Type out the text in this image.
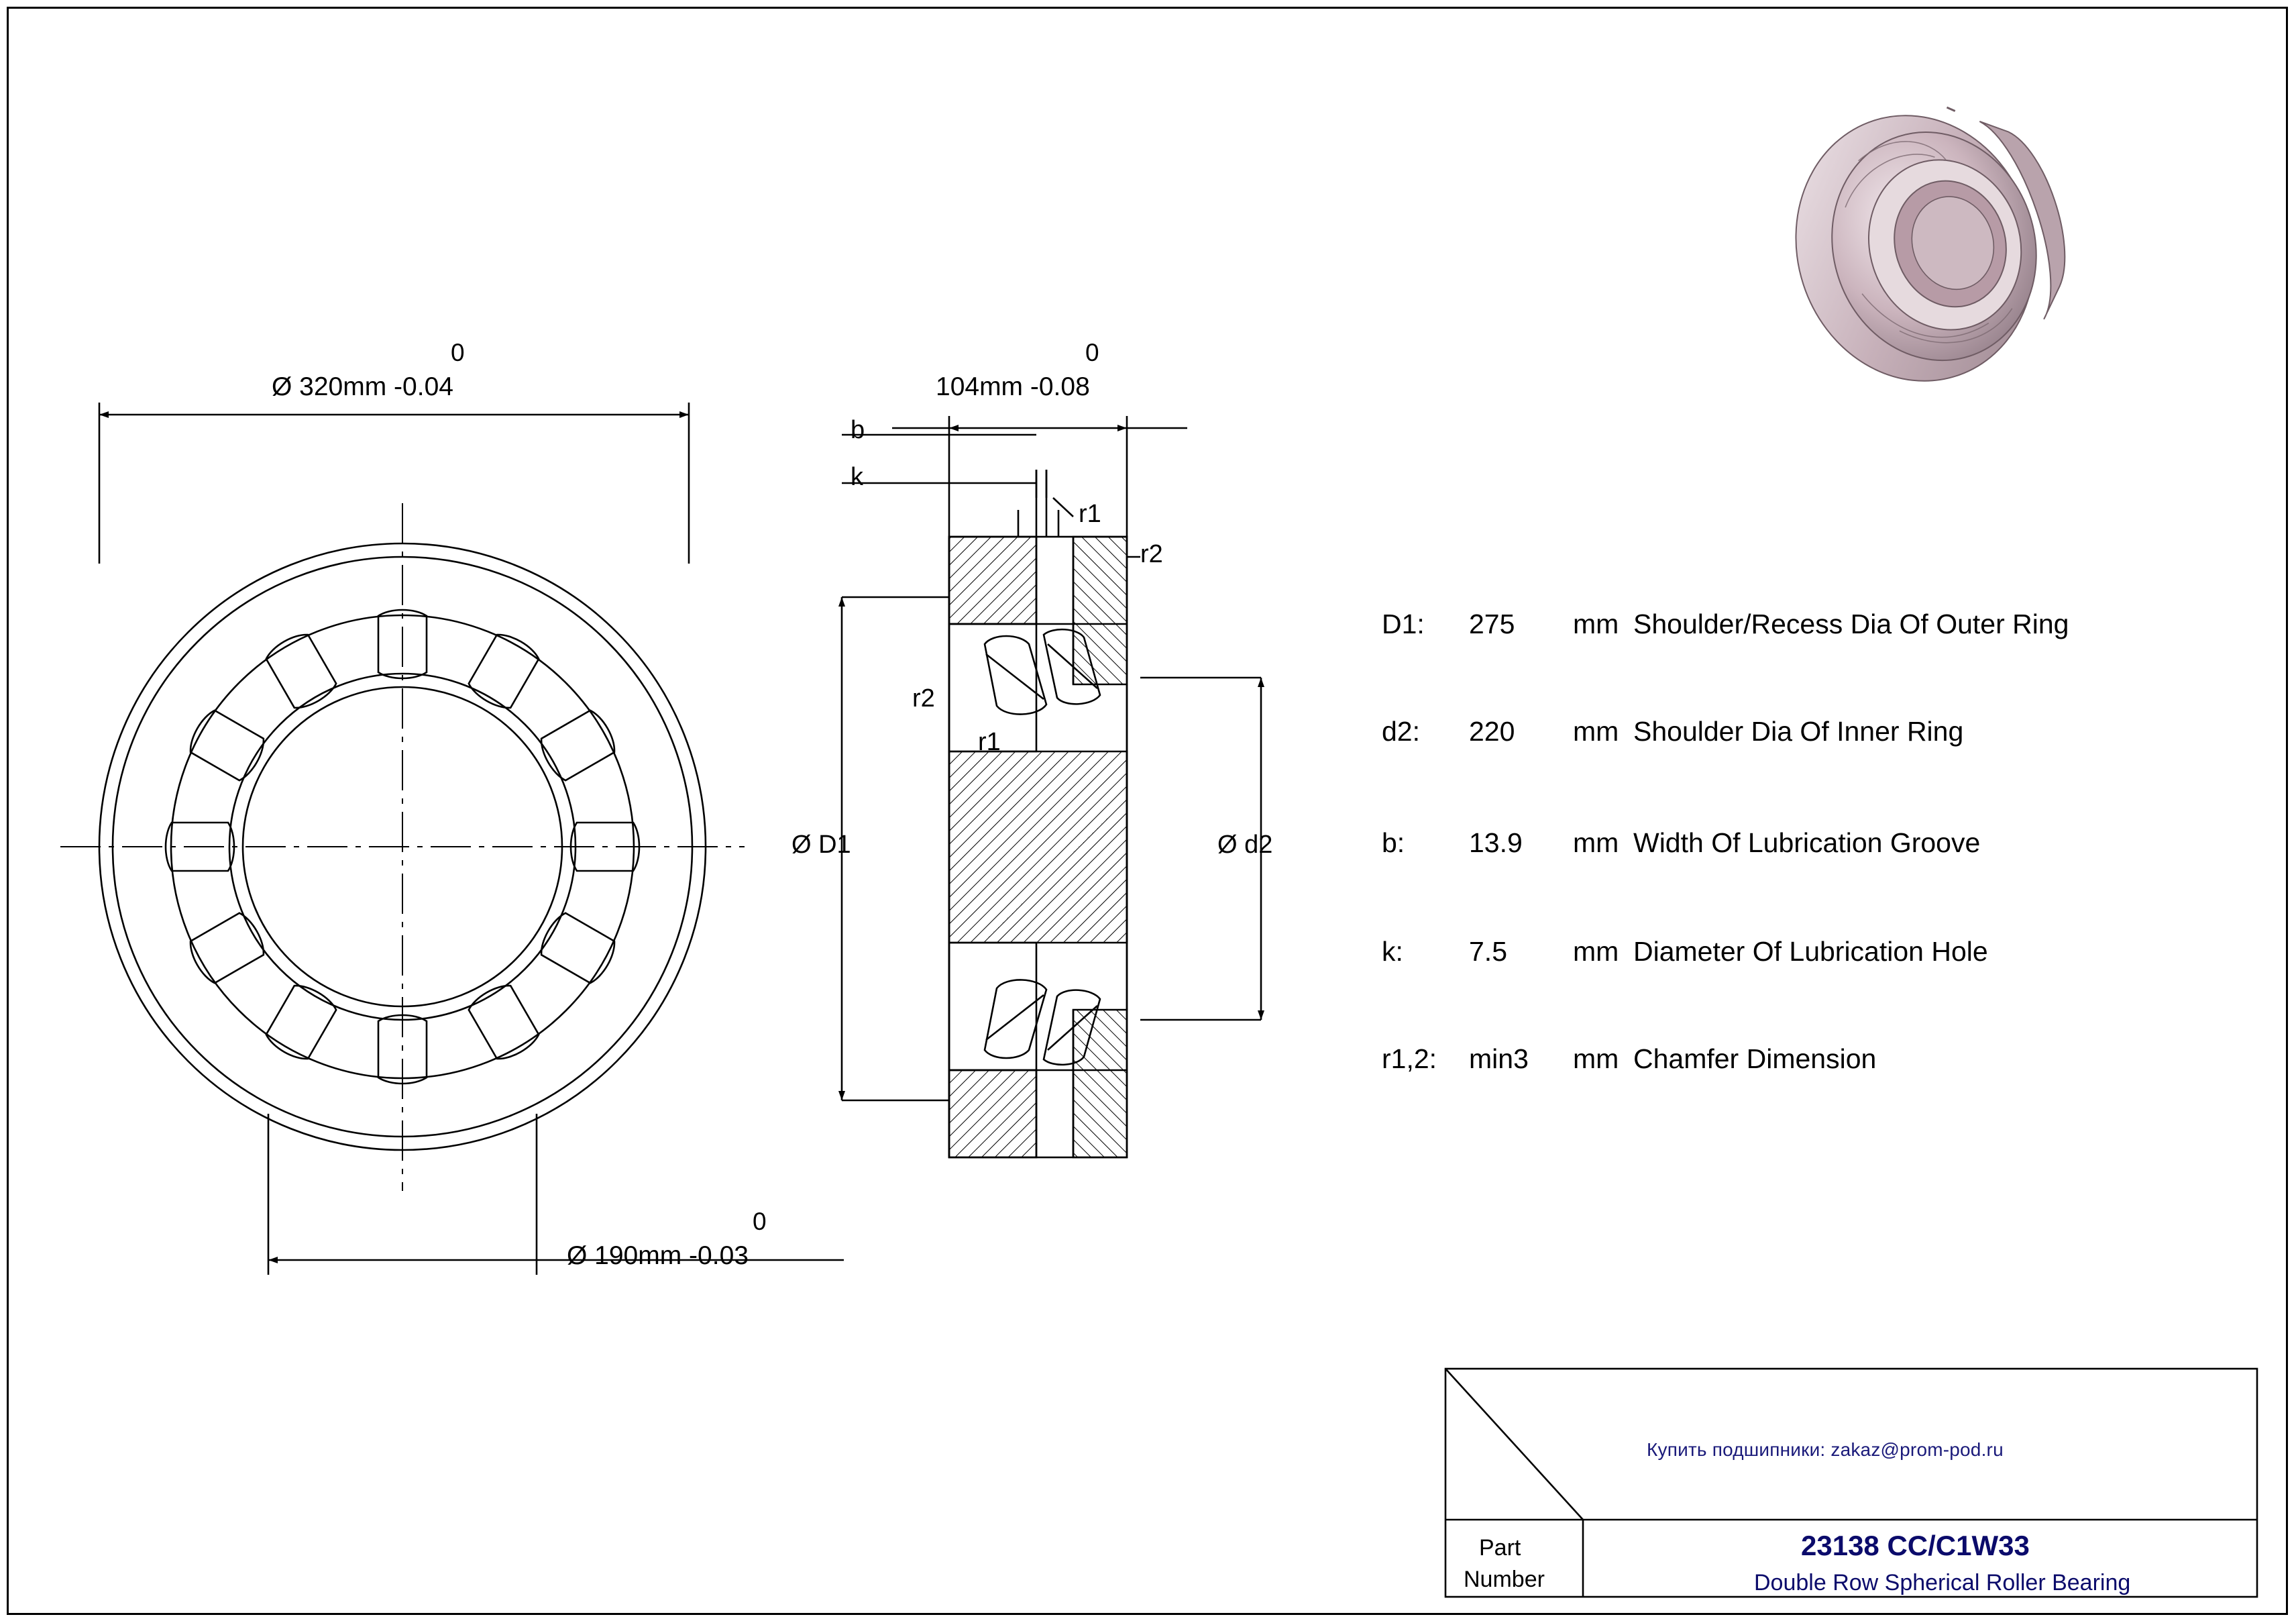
0
Ø 320mm -0.04
0
Ø 190mm -0.03
0
104mm -0.08
b
k
r1
r2
r2
r1
Ø D1	Ø d2
D1:	275	mm Shoulder/Recess Dia Of Outer Ring
d2:	220	mm Shoulder Dia Of Inner Ring
b:	13.9	mm Width Of Lubrication Groove
k:	7.5	mm Diameter Of Lubrication Hole
r1,2:	min3	mm Chamfer Dimension
Купить подшипники: zakaz@prom-pod.ru
Part
Number
23138 CC/C1W33
Double Row Spherical Roller Bearing
